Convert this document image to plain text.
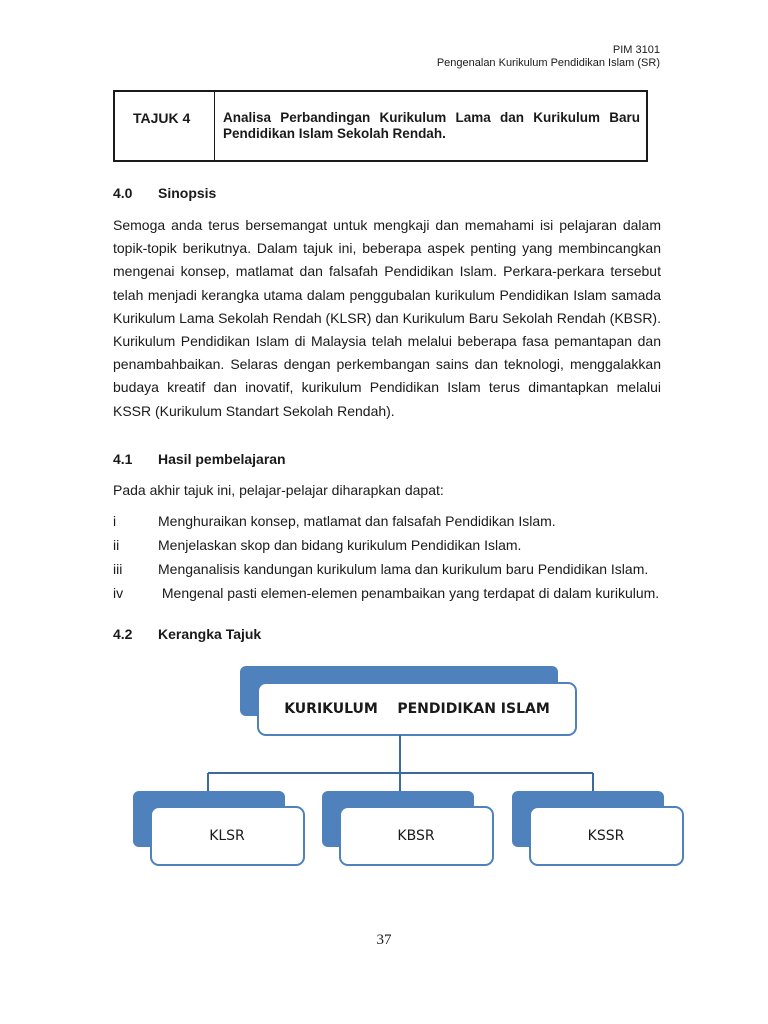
PIM 3101
Pengenalan Kurikulum Pendidikan Islam (SR)
TAJUK 4	Analisa Perbandingan Kurikulum Lama dan Kurikulum Baru Pendidikan Islam Sekolah Rendah.
4.0 Sinopsis

Semoga anda terus bersemangat untuk mengkaji dan memahami isi pelajaran dalam topik-topik berikutnya. Dalam tajuk ini, beberapa aspek penting yang membincangkan mengenai konsep, matlamat dan falsafah Pendidikan Islam. Perkara-perkara tersebut telah menjadi kerangka utama dalam penggubalan kurikulum Pendidikan Islam samada Kurikulum Lama Sekolah Rendah (KLSR) dan Kurikulum Baru Sekolah Rendah (KBSR). Kurikulum Pendidikan Islam di Malaysia telah melalui beberapa fasa pemantapan dan penambahbaikan. Selaras dengan perkembangan sains dan teknologi, menggalakkan budaya kreatif dan inovatif, kurikulum Pendidikan Islam terus dimantapkan melalui KSSR (Kurikulum Standart Sekolah Rendah).

4.1 Hasil pembelajaran
Pada akhir tajuk ini, pelajar-pelajar diharapkan dapat:
i	Menghuraikan konsep, matlamat dan falsafah Pendidikan Islam.
ii	Menjelaskan skop dan bidang kurikulum Pendidikan Islam.
iii	Menganalisis kandungan kurikulum lama dan kurikulum baru Pendidikan Islam.
iv	Mengenal pasti elemen-elemen penambaikan yang terdapat di dalam kurikulum.
4.2 Kerangka Tajuk
KURIKULUM    PENDIDIKAN ISLAM
KLSR	KBSR	KSSR
37
